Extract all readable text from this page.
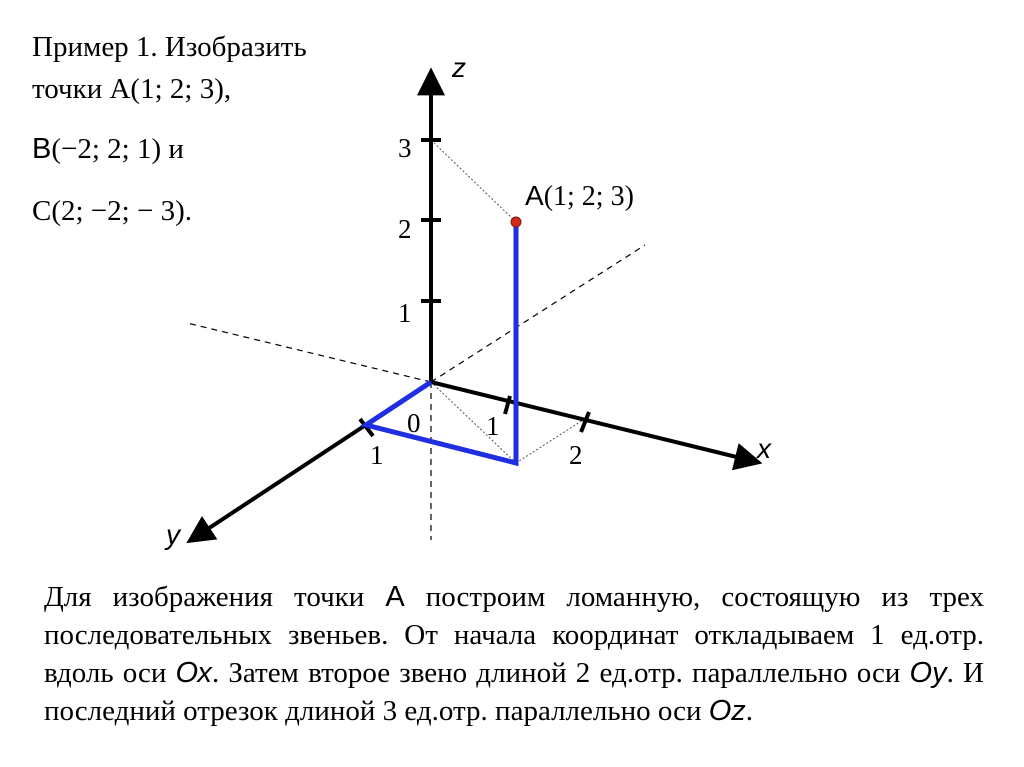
Пример 1. Изобразить
точки А(1; 2; 3),
B(−2; 2; 1) и
С(2; −2; − 3).
z
x
y
1
2
3
1
2
1
0
А(1; 2; 3)

Для изображения точки А построим ломанную, состоящую из трех последовательных звеньев. От начала координат откладываем 1 ед.отр. вдоль оси Ох. Затем второе звено длиной 2 ед.отр. параллельно оси Оу. И последний отрезок длиной 3 ед.отр. параллельно оси Оz.
